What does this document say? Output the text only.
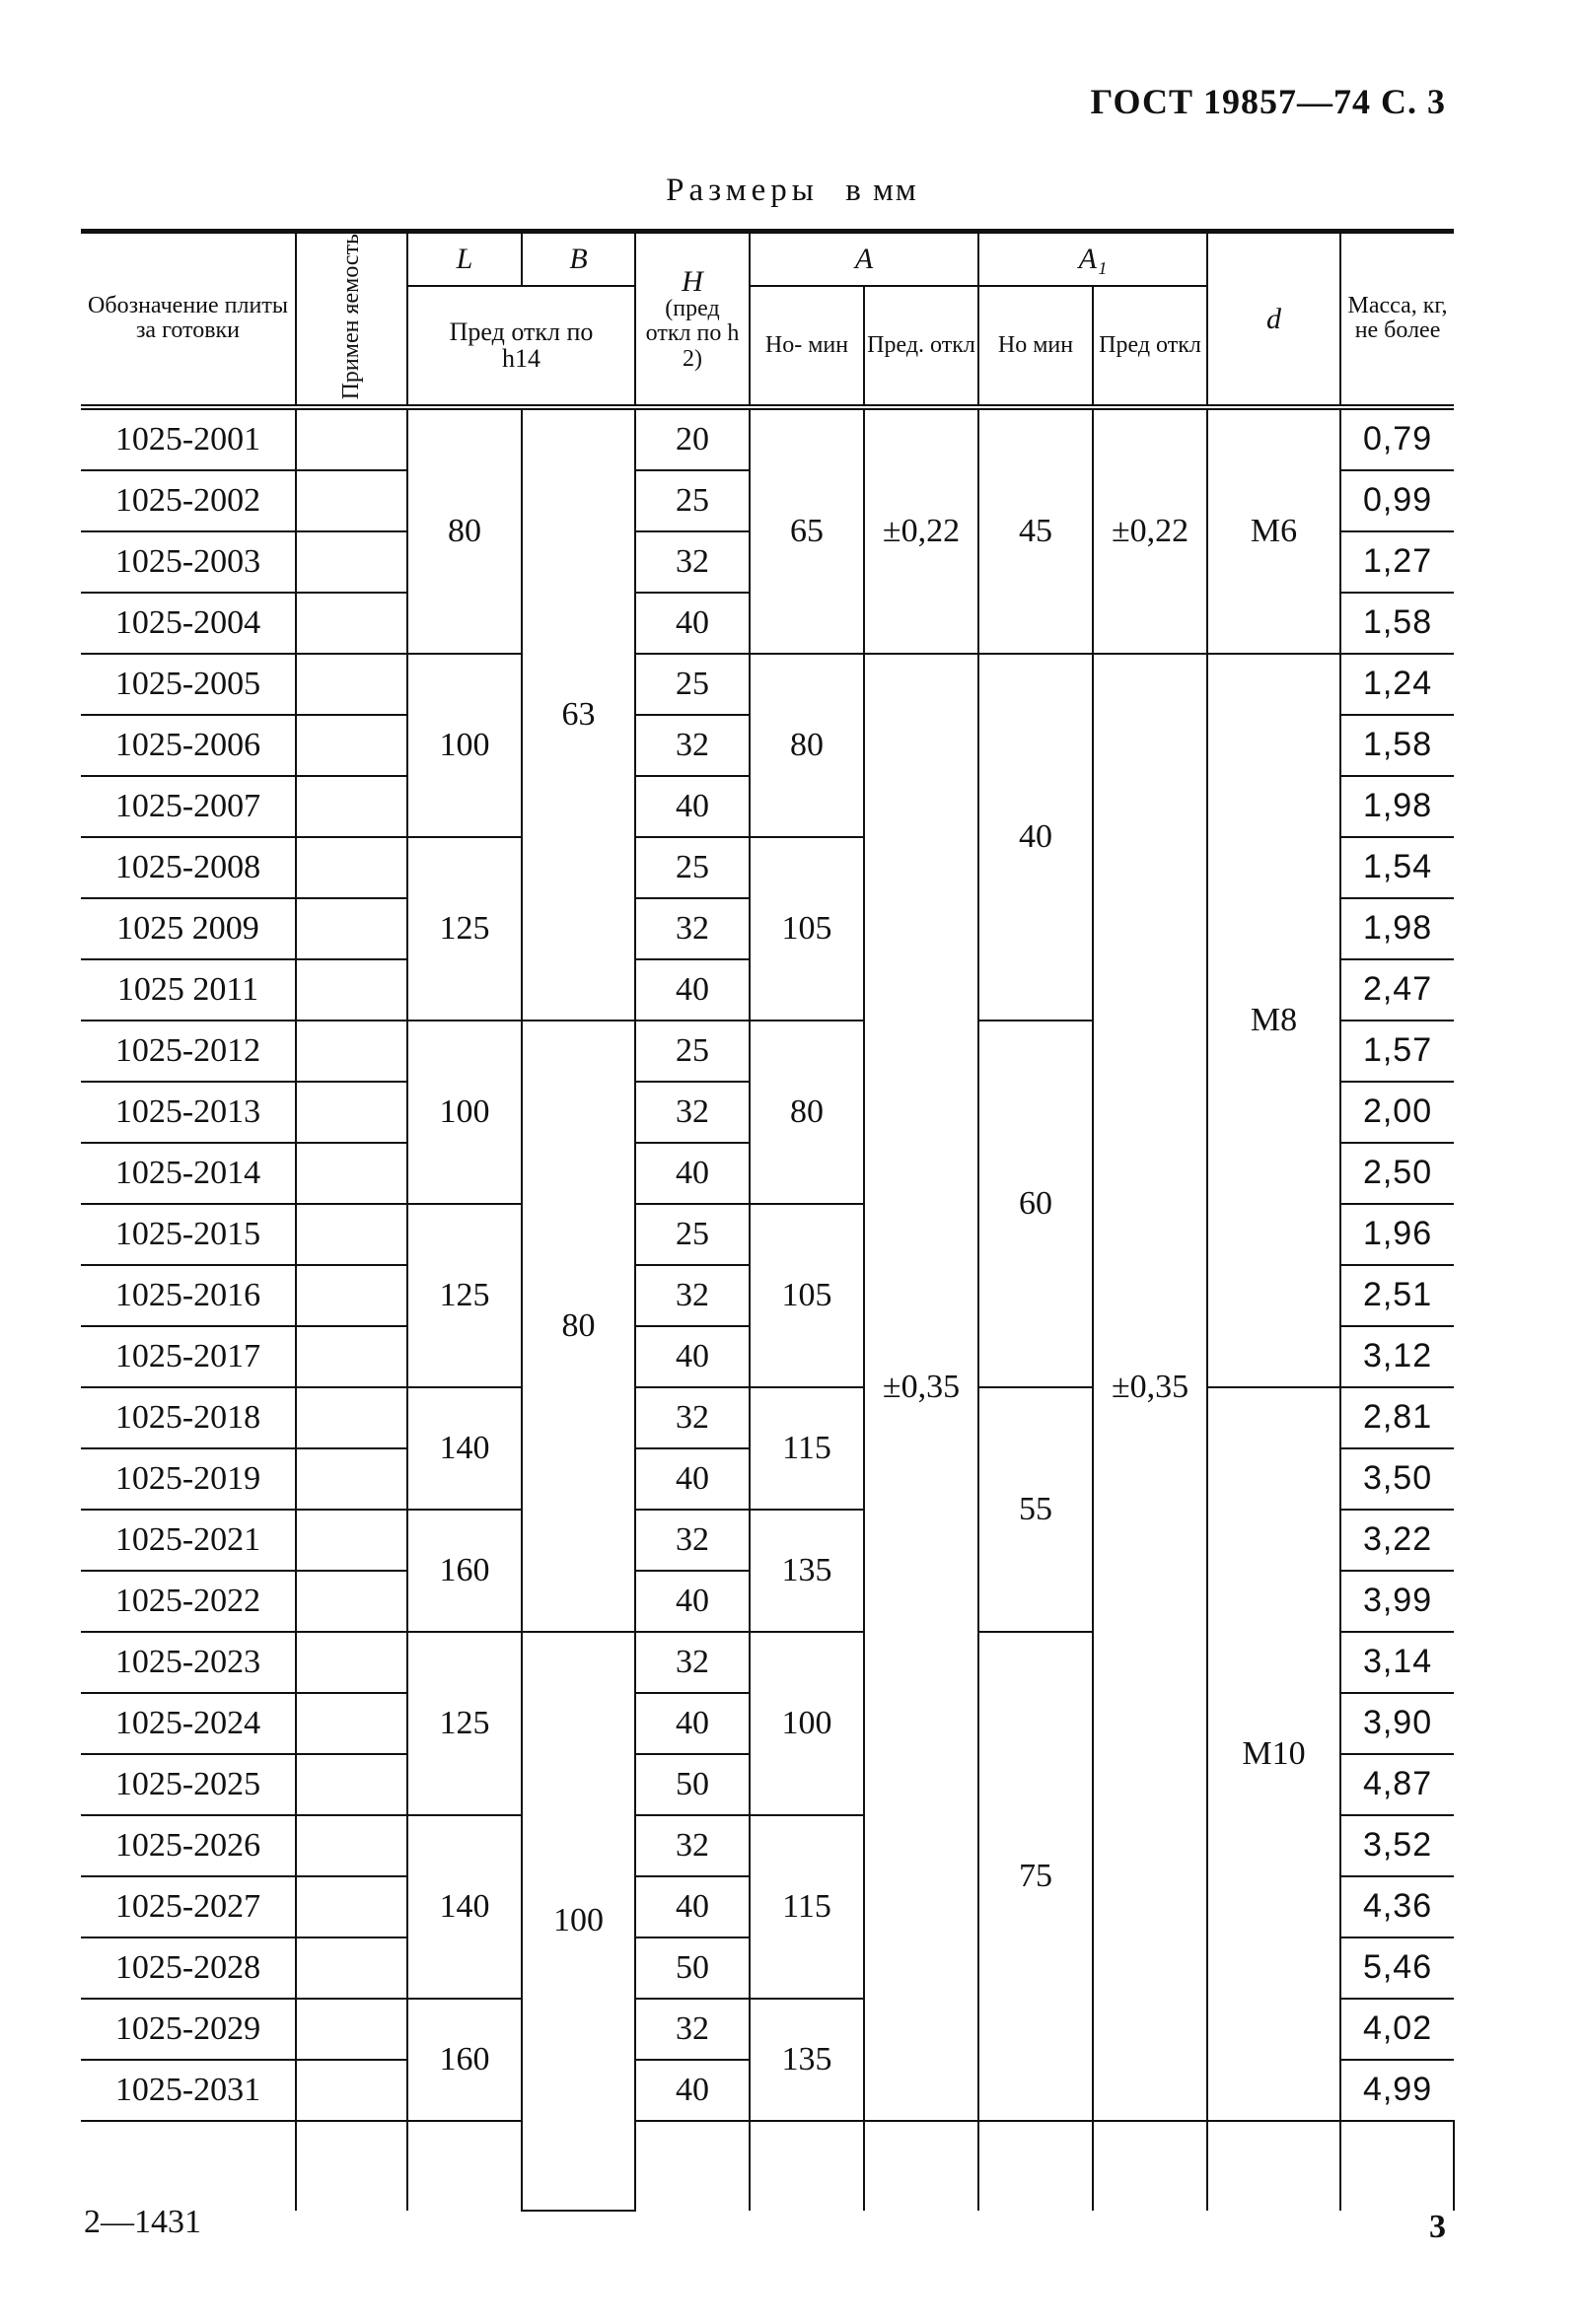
ГОСТ 19857—74 С. 3
Размеры в мм
Обозначение плиты за готовки	Примен яемость	L	B	H
(пред откл по h 2)	A		A₁		d	Масса, кг, не более	
		Пред откл по h14			Но- мин	Пред. откл	Но мин	Пред откл			
1025-2001		80	63	20	65	±0,22	45	±0,22	M6	0,79	
1025-2002				25						0,99	
1025-2003				32						1,27	
1025-2004				40						1,58	
1025-2005		100		25	80	±0,35	40	±0,35	M8	1,24	
1025-2006				32						1,58	
1025-2007				40						1,98	
1025-2008		125		25	105					1,54	
1025 2009				32						1,98	
1025 2011				40						2,47	
1025-2012		100	80	25	80		60			1,57	
1025-2013				32						2,00	
1025-2014				40						2,50	
1025-2015		125		25	105					1,96	
1025-2016				32						2,51	
1025-2017				40						3,12	
1025-2018		140		32	115		55		M10	2,81	
1025-2019				40						3,50	
1025-2021		160		32	135					3,22	
1025-2022				40						3,99	
1025-2023		125	100	32	100		75			3,14	
1025-2024				40						3,90	
1025-2025				50						4,87	
1025-2026		140		32	115					3,52	
1025-2027				40						4,36	
1025-2028				50						5,46	
1025-2029		160		32	135					4,02	
1025-2031				40						4,99	

2—1431	3
